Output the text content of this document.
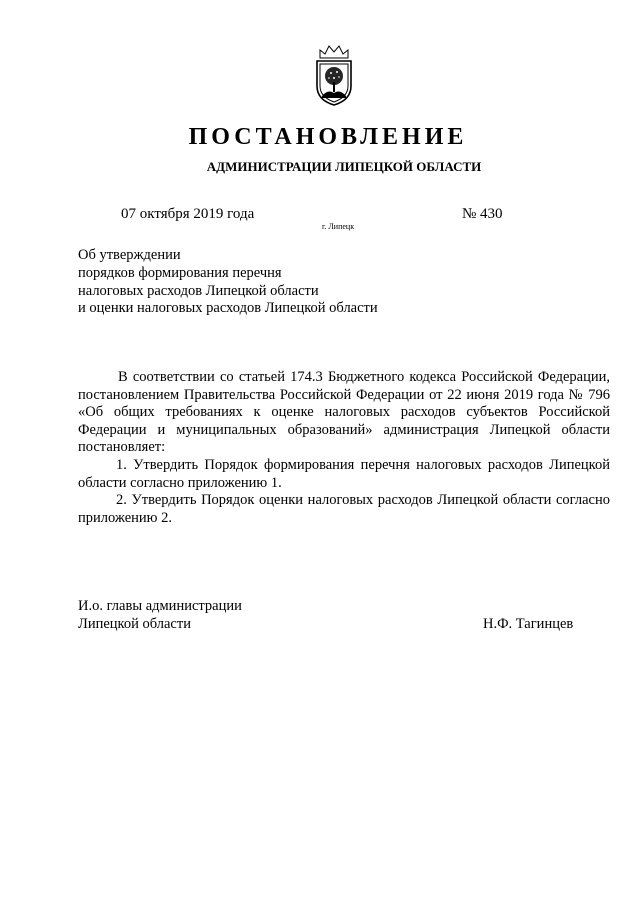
ПОСТАНОВЛЕНИЕ
АДМИНИСТРАЦИИ ЛИПЕЦКОЙ ОБЛАСТИ
07 октября 2019 года
г. Липецк
№ 430
Об утверждении
порядков формирования перечня
налоговых расходов Липецкой области
и оценки налоговых расходов Липецкой области

В соответствии со статьей 174.3 Бюджетного кодекса Российской Федерации, постановлением Правительства Российской Федерации от 22 июня 2019 года № 796 «Об общих требованиях к оценке налоговых расходов субъектов Российской Федерации и муниципальных образований» администрация Липецкой области постановляет:

1. Утвердить Порядок формирования перечня налоговых расходов Липецкой области согласно приложению 1.

2. Утвердить Порядок оценки налоговых расходов Липецкой области согласно приложению 2.

И.о. главы администрации
Липецкой области	Н.Ф. Тагинцев
